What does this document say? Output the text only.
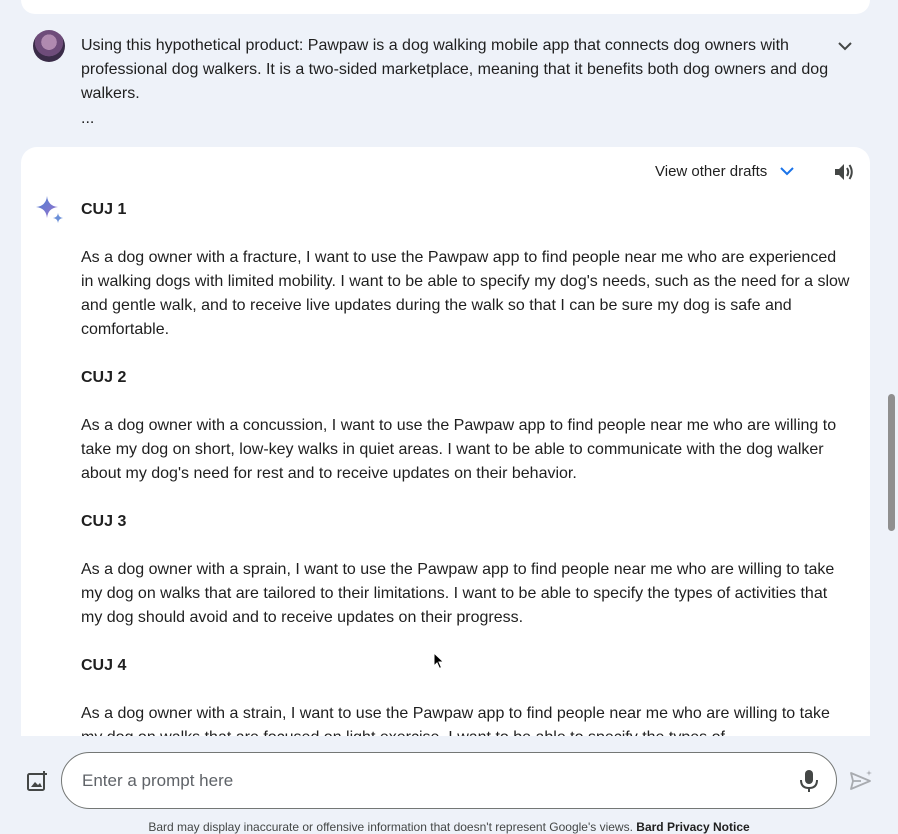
Using this hypothetical product: Pawpaw is a dog walking mobile app that connects dog owners with professional dog walkers. It is a two-sided marketplace, meaning that it benefits both dog owners and dog walkers.
...
View other drafts

CUJ 1

As a dog owner with a fracture, I want to use the Pawpaw app to find people near me who are experienced in walking dogs with limited mobility. I want to be able to specify my dog's needs, such as the need for a slow and gentle walk, and to receive live updates during the walk so that I can be sure my dog is safe and comfortable.

CUJ 2

As a dog owner with a concussion, I want to use the Pawpaw app to find people near me who are willing to take my dog on short, low-key walks in quiet areas. I want to be able to communicate with the dog walker about my dog's need for rest and to receive updates on their behavior.

CUJ 3

As a dog owner with a sprain, I want to use the Pawpaw app to find people near me who are willing to take my dog on walks that are tailored to their limitations. I want to be able to specify the types of activities that my dog should avoid and to receive updates on their progress.

CUJ 4

As a dog owner with a strain, I want to use the Pawpaw app to find people near me who are willing to take

Enter a prompt here
Bard may display inaccurate or offensive information that doesn't represent Google's views. Bard Privacy Notice
